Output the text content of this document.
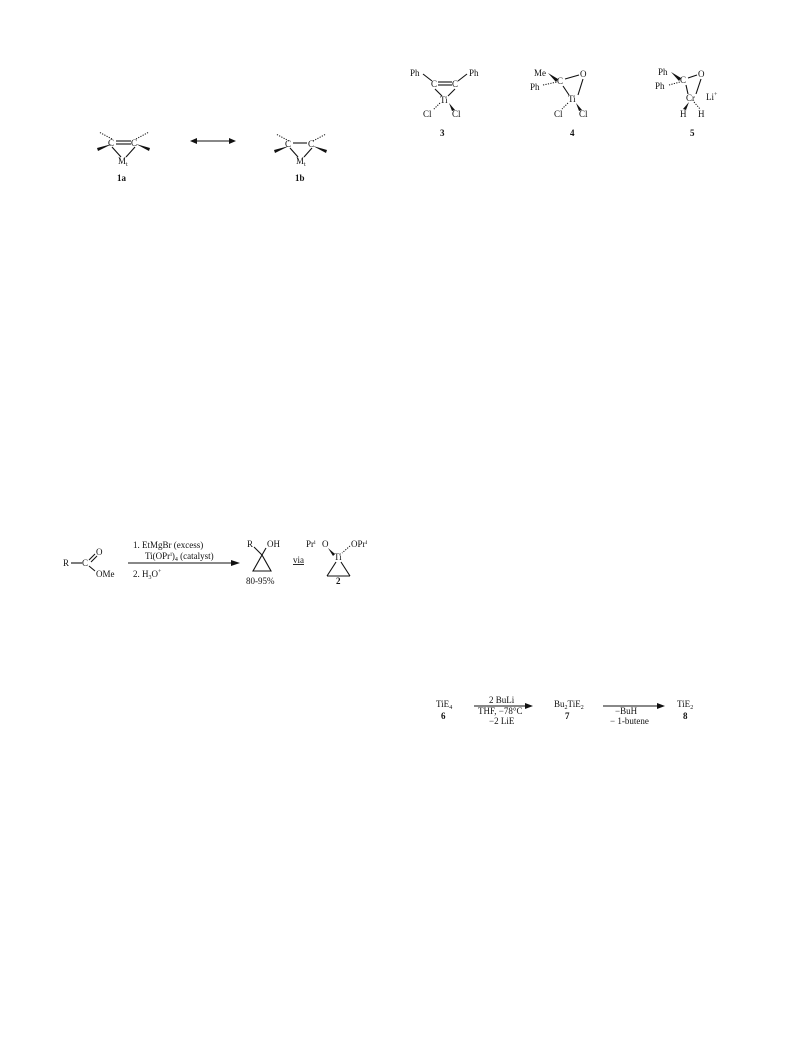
C C
$M_t$
1a
C C
$M_t$
1b
Ph	Ph
C C
Ti
Cl Cl
3
Me
Ph
C
O
Ti
Cl Cl
4
Ph
Ph
C
O
Cr Li+
H H
5
R C
O
OMe
1. EtMgBr (excess)
$Ti(OPr^i)_4$ (catalyst)
2. $H_3O^+$
R OH
80-95%
via
Pr$^i$ O	OPr$^i$
Ti
2
TiE$_4$
6
2 BuLi
THF, −78°C
−2 LiE
$Bu_2TiE_2$
7	−BuH
− 1-butene
TiE$_2$
8
